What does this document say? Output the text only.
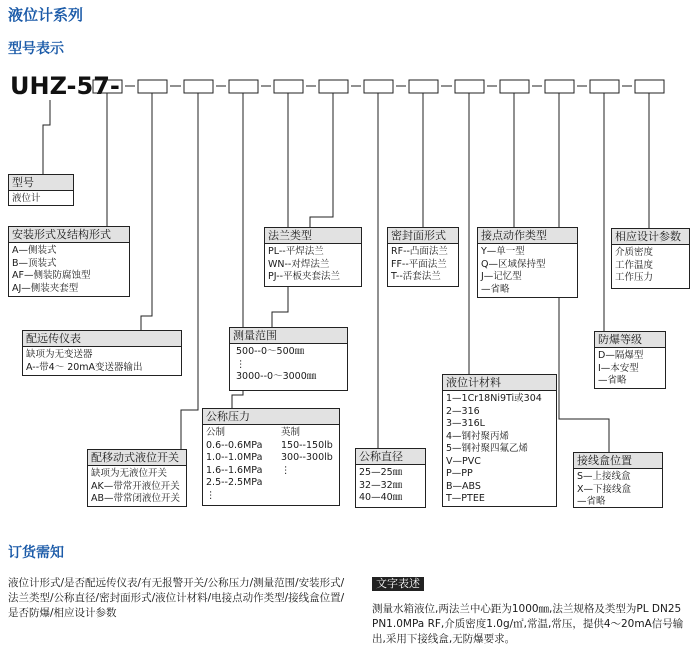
液位计系列
型号表示
UHZ-57-
型号
液位计
安装形式及结构形式
A—侧装式
B—顶装式
AF—侧装防腐蚀型
AJ—侧装夹套型
配远传仪表
缺项为无变送器
A--带4～ 20mA变送器输出
配移动式液位开关
缺项为无液位开关
AK—带常开液位开关
AB—带常闭液位开关
公称压力
公制	英制
0.6--0.6MPa	150--150lb
1.0--1.0MPa	300--300lb
1.6--1.6MPa	⋮
2.5--2.5MPa
⋮
测量范围
500--0～500㎜
⋮
3000--0～3000㎜
法兰类型
PL--平焊法兰
WN--对焊法兰
PJ--平板夹套法兰
密封面形式
RF--凸面法兰
FF--平面法兰
T--活套法兰
公称直径
25—25㎜
32—32㎜
40—40㎜
液位计材料
1—1Cr18Ni9Ti或304
2—316
3—316L
4—钢衬聚丙烯
5—钢衬聚四氟乙烯
V—PVC
P—PP
B—ABS
T—PTEE
接点动作类型
Y—单一型
Q—区域保持型
J—记忆型
—省略
接线盒位置
S—上接线盒
X—下接线盒
—省略
防爆等级
D—隔爆型
I—本安型
—省略
相应设计参数
介质密度
工作温度
工作压力
订货需知
液位计形式/是否配远传仪表/有无报警开关/公称压力/测量范围/安装形式/法兰类型/公称直径/密封面形式/液位计材料/电接点动作类型/接线盒位置/是否防爆/相应设计参数
文字表述
测量水箱液位,两法兰中心距为1000㎜,法兰规格及类型为PL DN25 PN1.0MPa RF,介质密度1.0g/㎡,常温,常压，提供4～20mA信号输出,采用下接线盒,无防爆要求。
